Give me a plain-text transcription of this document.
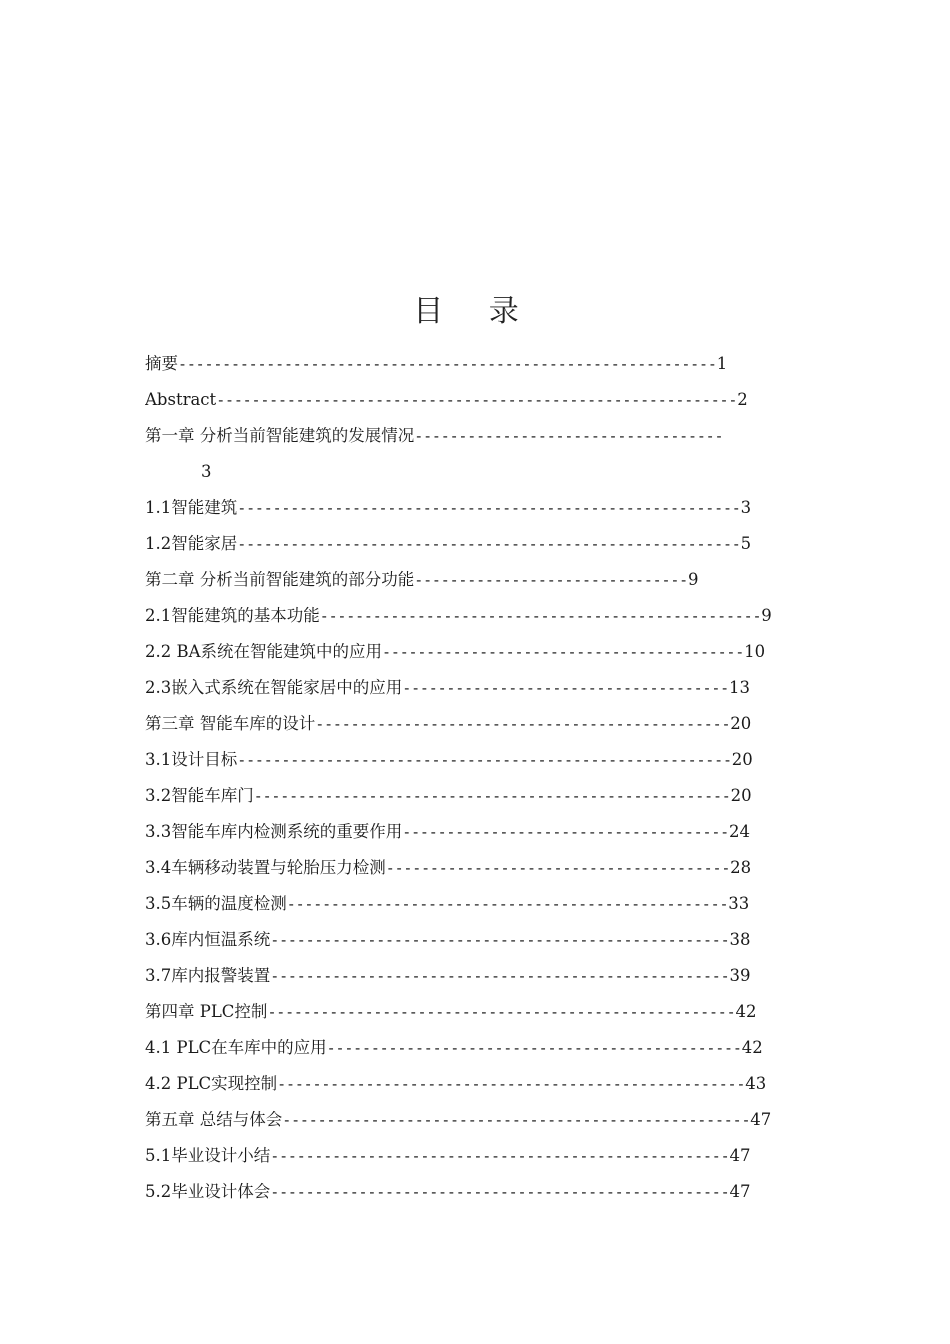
目 录
摘要-------------------------------------------------------------1
Abstract-----------------------------------------------------------2
第一章 分析当前智能建筑的发展情况-----------------------------------
3
1.1智能建筑---------------------------------------------------------3
1.2智能家居---------------------------------------------------------5
第二章 分析当前智能建筑的部分功能-------------------------------9
2.1智能建筑的基本功能--------------------------------------------------9
2.2 BA系统在智能建筑中的应用-----------------------------------------10
2.3嵌入式系统在智能家居中的应用-------------------------------------13
第三章 智能车库的设计-----------------------------------------------20
3.1设计目标--------------------------------------------------------20
3.2智能车库门------------------------------------------------------20
3.3智能车库内检测系统的重要作用-------------------------------------24
3.4车辆移动装置与轮胎压力检测---------------------------------------28
3.5车辆的温度检测--------------------------------------------------33
3.6库内恒温系统----------------------------------------------------38
3.7库内报警装置----------------------------------------------------39
第四章 PLC控制-----------------------------------------------------42
4.1 PLC在车库中的应用-----------------------------------------------42
4.2 PLC实现控制-----------------------------------------------------43
第五章 总结与体会-----------------------------------------------------47
5.1毕业设计小结----------------------------------------------------47
5.2毕业设计体会----------------------------------------------------47
